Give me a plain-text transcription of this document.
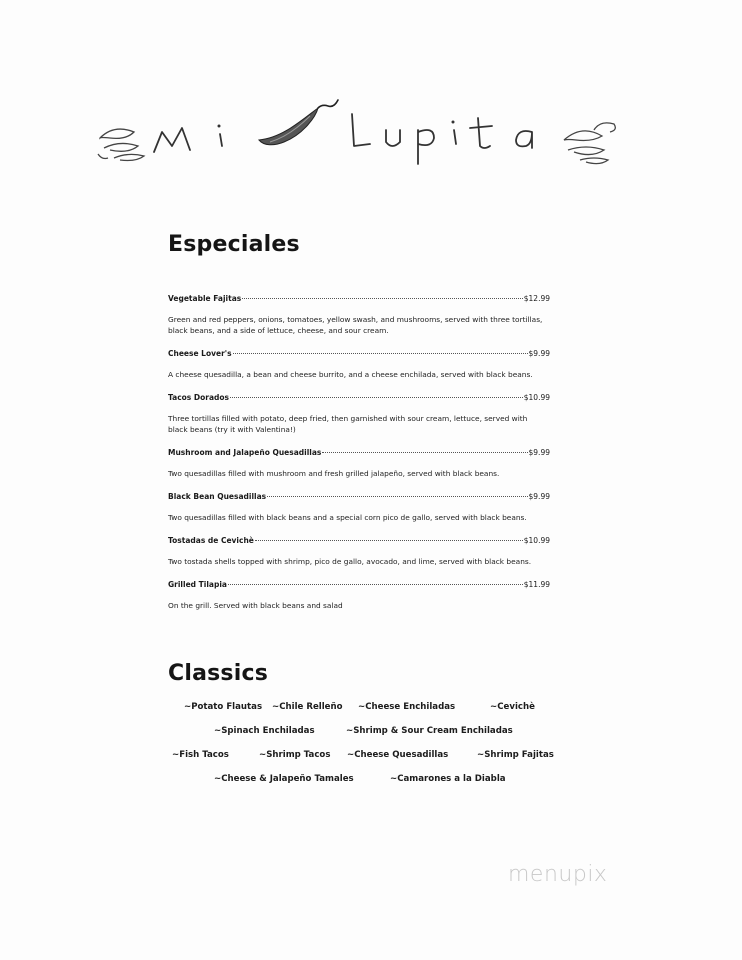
Especiales
Vegetable Fajitas	$12.99

Green and red peppers, onions, tomatoes, yellow swash, and mushrooms, served with three tortillas, black beans, and a side of lettuce, cheese, and sour cream.

Cheese Lover's	$9.99

A cheese quesadilla, a bean and cheese burrito, and a cheese enchilada, served with black beans.

Tacos Dorados	$10.99

Three tortillas filled with potato, deep fried, then garnished with sour cream, lettuce, served with black beans (try it with Valentina!)

Mushroom and Jalapeño Quesadillas	$9.99

Two quesadillas filled with mushroom and fresh grilled jalapeño, served with black beans.

Black Bean Quesadillas	$9.99

Two quesadillas filled with black beans and a special corn pico de gallo, served with black beans.

Tostadas de Cevichè	$10.99

Two tostada shells topped with shrimp, pico de gallo, avocado, and lime, served with black beans.

Grilled Tilapia	$11.99

On the grill. Served with black beans and salad

Classics
~Potato Flautas ~Chile Relleño ~Cheese Enchiladas	~Cevichè
~Spinach Enchiladas	~Shrimp & Sour Cream Enchiladas
~Fish Tacos	~Shrimp Tacos ~Cheese Quesadillas	~Shrimp Fajitas
~Cheese & Jalapeño Tamales	~Camarones a la Diabla
menupix
